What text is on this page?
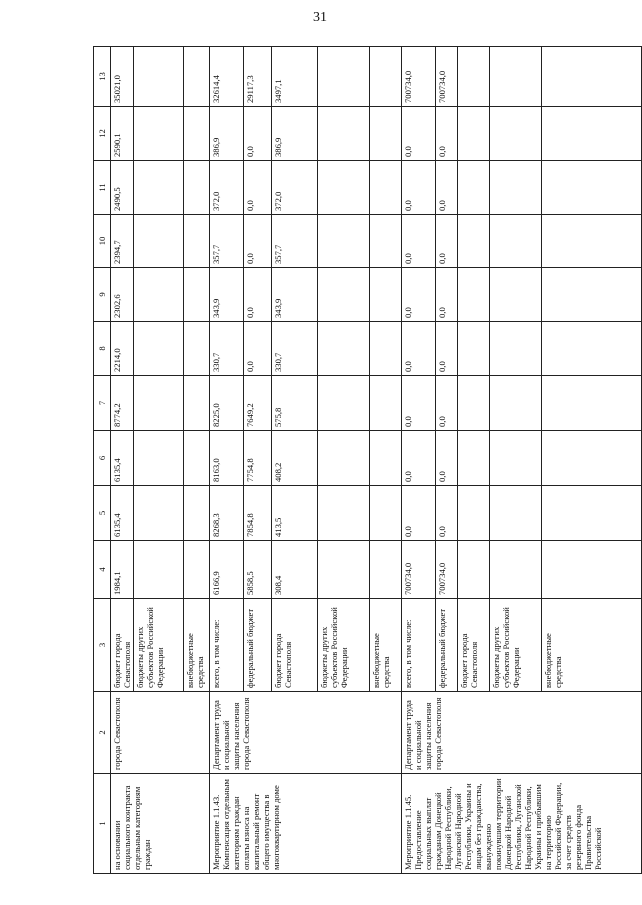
31
1	2	3	4	5	6	7	8	9	10	11	12	13
на основании социального контракта отдельным категориям граждан	города Севастополя	бюджет города Севастополя	1984,1	6135,4	6135,4	8774,2	2214,0	2302,6	2394,7	2490,5	2590,1	35021,0
		бюджеты других субъектов Российской Федерации										
		внебюджетные средства										
Мероприятие 1.1.43. Компенсация отдельным категориям граждан оплаты взноса на капитальный ремонт общего имущества в многоквартирном доме	Департамент труда и социальной защиты населения города Севастополя	всего, в том числе:	6166,9	8268,3	8163,0	8225,0	330,7	343,9	357,7	372,0	386,9	32614,4
		федеральный бюджет	5858,5	7854,8	7754,8	7649,2	0,0	0,0	0,0	0,0	0,0	29117,3
		бюджет города Севастополя	308,4	413,5	408,2	575,8	330,7	343,9	357,7	372,0	386,9	3497,1
		бюджеты других субъектов Российской Федерации										
		внебюджетные средства										
Мероприятие 1.1.45. Предоставление социальных выплат гражданам Донецкой Народной Республики, Луганской Народной Республики, Украины и лицам без гражданства, вынужденно покинувшим территории Донецкой Народной Республики, Луганской Народной Республики, Украины и прибывшим на территорию Российской Федерации, за счет средств резервного фонда Правительства Российской	Департамент труда и социальной защиты населения города Севастополя	всего, в том числе:	700734,0	0,0	0,0	0,0	0,0	0,0	0,0	0,0	0,0	700734,0
		федеральный бюджет	700734,0	0,0	0,0	0,0	0,0	0,0	0,0	0,0	0,0	700734,0
		бюджет города Севастополя										
		бюджеты других субъектов Российской Федерации										
		внебюджетные средства										
